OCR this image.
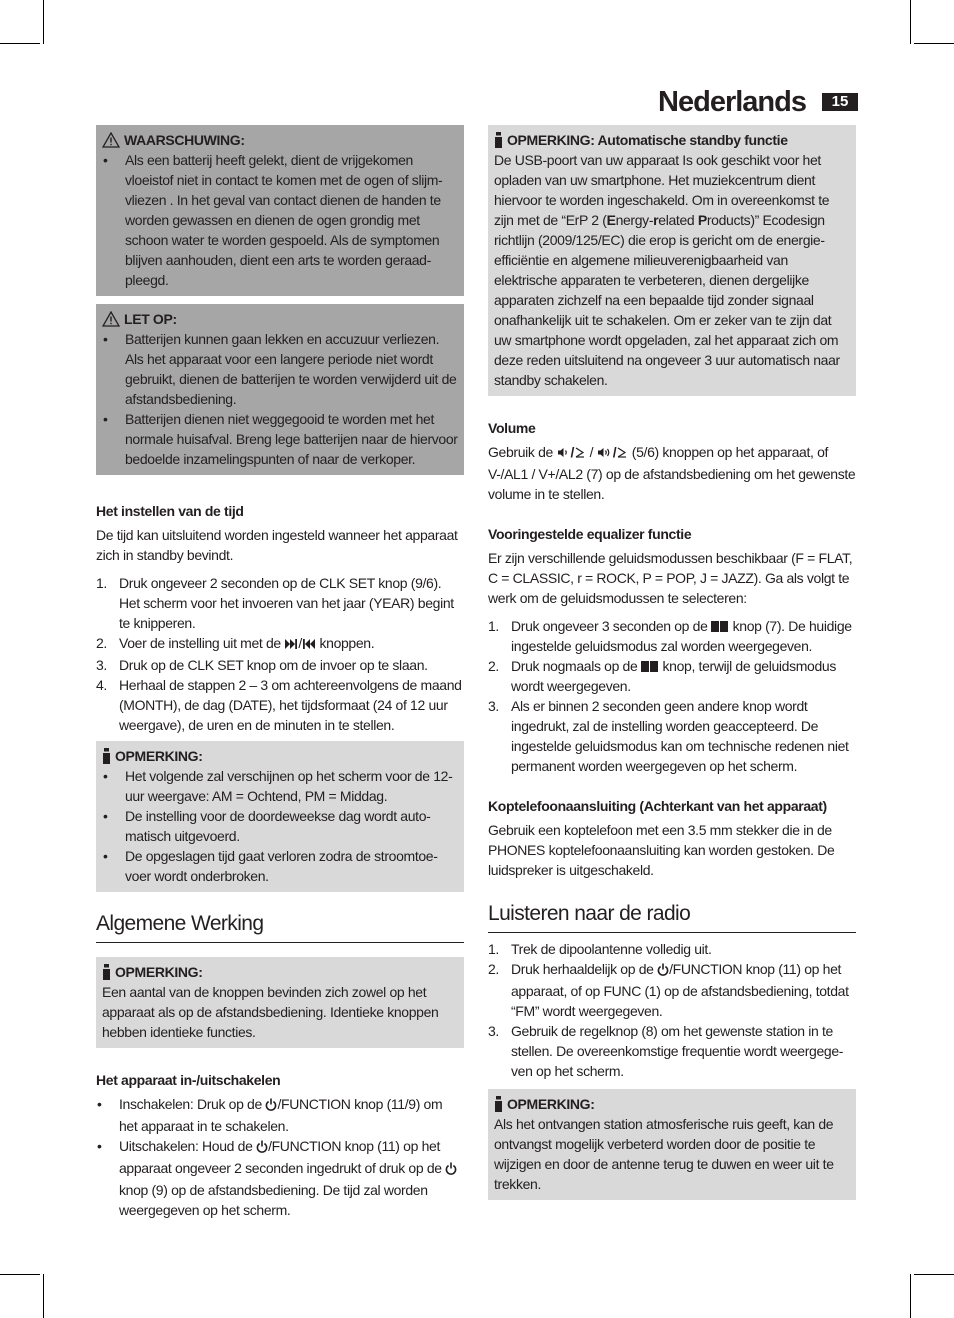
Nederlands	15
WAARSCHUWING:
• Als een batterij heeft gelekt, dient de vrijgekomen vloeistof niet in contact te komen met de ogen of slijmvliezen . In het geval van contact dienen de handen te worden gewassen en dienen de ogen grondig met schoon water te worden gespoeld. Als de symptomen blijven aanhouden, dient een arts te worden geraadpleegd.
LET OP:
• Batterijen kunnen gaan lekken en accuzuur verliezen. Als het apparaat voor een langere periode niet wordt gebruikt, dienen de batterijen te worden verwijderd uit de afstandsbediening.
• Batterijen dienen niet weggegooid te worden met het normale huisafval. Breng lege batterijen naar de hiervoor bedoelde inzamelingspunten of naar de verkoper.
Het instellen van de tijd

De tijd kan uitsluitend worden ingesteld wanneer het apparaat zich in standby bevindt.

1. Druk ongeveer 2 seconden op de CLK SET knop (9/6). Het scherm voor het invoeren van het jaar (YEAR) begint te knipperen.
2. Voer de instelling uit met de / knoppen.
3. Druk op de CLK SET knop om de invoer op te slaan.
4. Herhaal de stappen 2 – 3 om achtereenvolgens de maand (MONTH), de dag (DATE), het tijdsformaat (24 of 12 uur weergave), de uren en de minuten in te stellen.
OPMERKING:
• Het volgende zal verschijnen op het scherm voor de 12-uur weergave: AM = Ochtend, PM = Middag.
• De instelling voor de doordeweekse dag wordt automatisch uitgevoerd.
• De opgeslagen tijd gaat verloren zodra de stroomtoevoer wordt onderbroken.
Algemene Werking
OPMERKING:

Een aantal van de knoppen bevinden zich zowel op het apparaat als op de afstandsbediening. Identieke knoppen hebben identieke functies.

Het apparaat in-/uitschakelen
• Inschakelen: Druk op de /FUNCTION knop (11/9) om het apparaat in te schakelen.
• Uitschakelen: Houd de /FUNCTION knop (11) op het apparaat ongeveer 2 seconden ingedrukt of druk op de  knop (9) op de afstandsbediening. De tijd zal worden weergegeven op het scherm.
OPMERKING: Automatische standby functie

De USB-poort van uw apparaat Is ook geschikt voor het opladen van uw smartphone. Het muziekcentrum dient hiervoor te worden ingeschakeld. Om in overeenkomst te zijn met de “ErP 2 (Energy-related Products)” Ecodesign richtlijn (2009/125/EC) die erop is gericht om de energie-efficiëntie en algemene milieuverenigbaarheid van elektrische apparaten te verbeteren, dienen dergelijke apparaten zichzelf na een bepaalde tijd zonder signaal onafhankelijk uit te schakelen. Om er zeker van te zijn dat uw smartphone wordt opgeladen, zal het apparaat zich om deze reden uitsluitend na ongeveer 3 uur automatisch naar standby schakelen.

Volume

Gebruik de / / / (5/6) knoppen op het apparaat, of V-/AL1 / V+/AL2 (7) op de afstandsbediening om het gewenste volume in te stellen.

Vooringestelde equalizer functie

Er zijn verschillende geluidsmodussen beschikbaar (F = FLAT, C = CLASSIC, r = ROCK, P = POP, J = JAZZ). Ga als volgt te werk om de geluidsmodussen te selecteren:

1. Druk ongeveer 3 seconden op de  knop (7). De huidige ingestelde geluidsmodus zal worden weergegeven.
2. Druk nogmaals op de  knop, terwijl de geluidsmodus wordt weergegeven.
3. Als er binnen 2 seconden geen andere knop wordt ingedrukt, zal de instelling worden geaccepteerd. De ingestelde geluidsmodus kan om technische redenen niet permanent worden weergegeven op het scherm.
Koptelefoonaansluiting (Achterkant van het apparaat)

Gebruik een koptelefoon met een 3.5 mm stekker die in de PHONES koptelefoonaansluiting kan worden gestoken. De luidspreker is uitgeschakeld.

Luisteren naar de radio
1. Trek de dipoolantenne volledig uit.
2. Druk herhaaldelijk op de /FUNCTION knop (11) op het apparaat, of op FUNC (1) op de afstandsbediening, totdat “FM” wordt weergegeven.
3. Gebruik de regelknop (8) om het gewenste station in te stellen. De overeenkomstige frequentie wordt weergegeven op het scherm.
OPMERKING:

Als het ontvangen station atmosferische ruis geeft, kan de ontvangst mogelijk verbeterd worden door de positie te wijzigen en door de antenne terug te duwen en weer uit te trekken.
